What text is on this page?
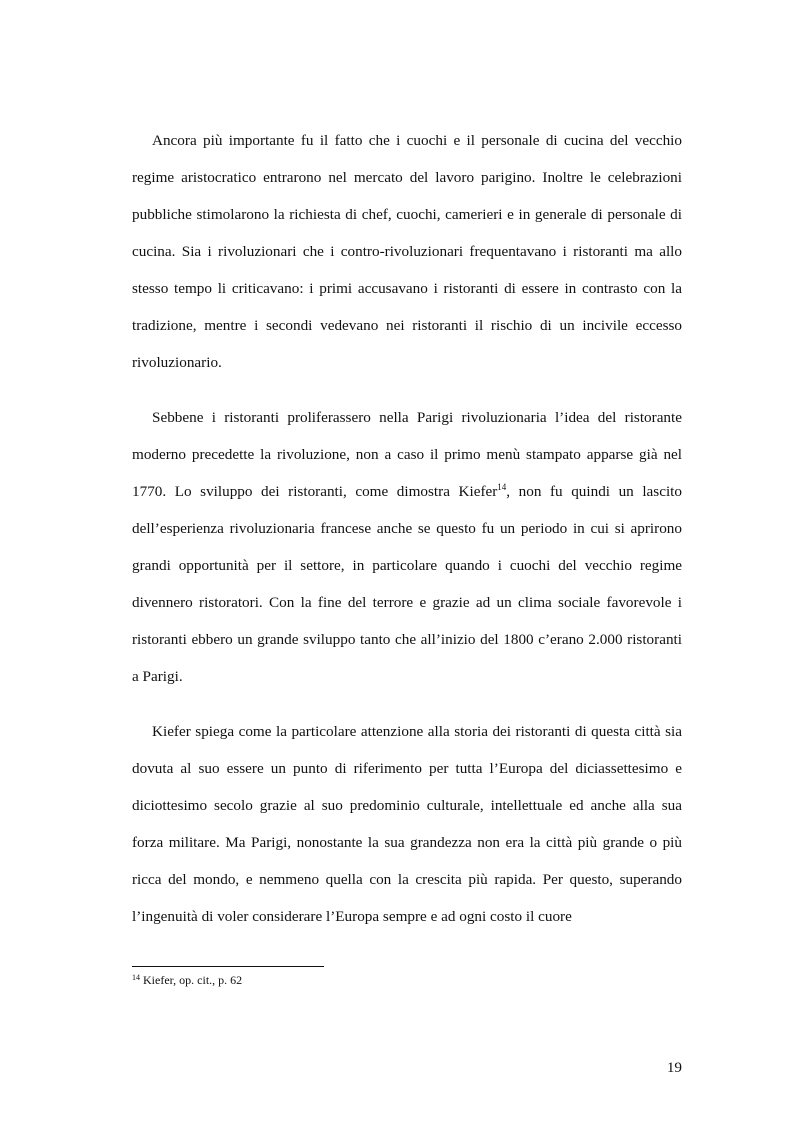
Ancora più importante fu il fatto che i cuochi e il personale di cucina del vecchio regime aristocratico entrarono nel mercato del lavoro parigino. Inoltre le celebrazioni pubbliche stimolarono la richiesta di chef, cuochi, camerieri e in generale di personale di cucina. Sia i rivoluzionari che i contro-rivoluzionari frequentavano i ristoranti ma allo stesso tempo li criticavano: i primi accusavano i ristoranti di essere in contrasto con la tradizione, mentre i secondi vedevano nei ristoranti il rischio di un incivile eccesso rivoluzionario.

Sebbene i ristoranti proliferassero nella Parigi rivoluzionaria l’idea del ristorante moderno precedette la rivoluzione, non a caso il primo menù stampato apparse già nel 1770. Lo sviluppo dei ristoranti, come dimostra Kiefer$^{14}$, non fu quindi un lascito dell’esperienza rivoluzionaria francese anche se questo fu un periodo in cui si aprirono grandi opportunità per il settore, in particolare quando i cuochi del vecchio regime divennero ristoratori. Con la fine del terrore e grazie ad un clima sociale favorevole i ristoranti ebbero un grande sviluppo tanto che all’inizio del 1800 c’erano 2.000 ristoranti a Parigi.

Kiefer spiega come la particolare attenzione alla storia dei ristoranti di questa città sia dovuta al suo essere un punto di riferimento per tutta l’Europa del diciassettesimo e diciottesimo secolo grazie al suo predominio culturale, intellettuale ed anche alla sua forza militare. Ma Parigi, nonostante la sua grandezza non era la città più grande o più ricca del mondo, e nemmeno quella con la crescita più rapida. Per questo, superando l’ingenuità di voler considerare l’Europa sempre e ad ogni costo il cuore

$^{14}$ Kiefer, op. cit., p. 62
19
